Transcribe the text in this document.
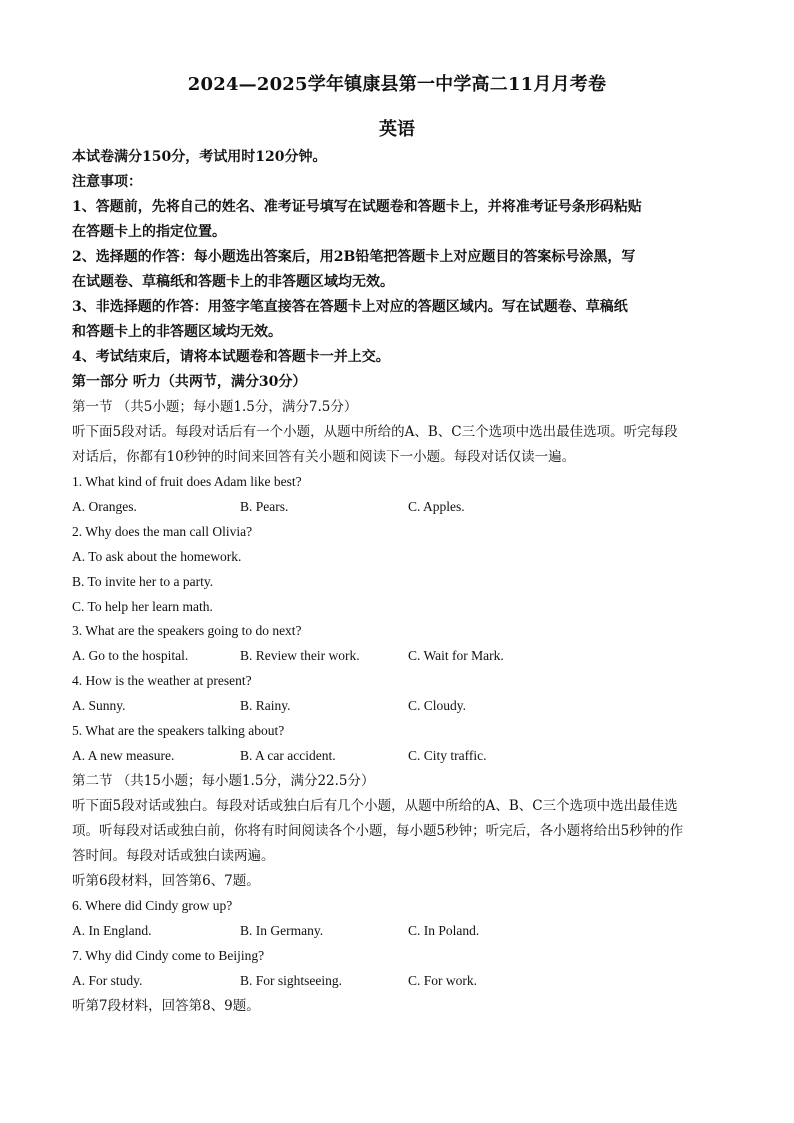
2024—2025学年镇康县第一中学高二11月月考卷
英语
本试卷满分150分，考试用时120分钟。
注意事项：
1、答题前，先将自己的姓名、准考证号填写在试题卷和答题卡上，并将准考证号条形码粘贴
在答题卡上的指定位置。
2、选择题的作答：每小题选出答案后，用2B铅笔把答题卡上对应题目的答案标号涂黑，写
在试题卷、草稿纸和答题卡上的非答题区域均无效。
3、非选择题的作答：用签字笔直接答在答题卡上对应的答题区域内。写在试题卷、草稿纸
和答题卡上的非答题区域均无效。
4、考试结束后，请将本试题卷和答题卡一并上交。
第一部分 听力（共两节，满分30分）
第一节 （共5小题；每小题1.5分，满分7.5分）
听下面5段对话。每段对话后有一个小题，从题中所给的A、B、C三个选项中选出最佳选项。听完每段
对话后，你都有10秒钟的时间来回答有关小题和阅读下一小题。每段对话仅读一遍。
1. What kind of fruit does Adam like best?
A. Oranges.	B. Pears.	C. Apples.
2. Why does the man call Olivia?
A. To ask about the homework.
B. To invite her to a party.
C. To help her learn math.
3. What are the speakers going to do next?
A. Go to the hospital.	B. Review their work.	C. Wait for Mark.
4. How is the weather at present?
A. Sunny.	B. Rainy.	C. Cloudy.
5. What are the speakers talking about?
A. A new measure.	B. A car accident.	C. City traffic.
第二节 （共15小题；每小题1.5分，满分22.5分）
听下面5段对话或独白。每段对话或独白后有几个小题，从题中所给的A、B、C三个选项中选出最佳选
项。听每段对话或独白前，你将有时间阅读各个小题，每小题5秒钟；听完后，各小题将给出5秒钟的作
答时间。每段对话或独白读两遍。
听第6段材料，回答第6、7题。
6. Where did Cindy grow up?
A. In England.	B. In Germany.	C. In Poland.
7. Why did Cindy come to Beijing?
A. For study.	B. For sightseeing.	C. For work.
听第7段材料，回答第8、9题。
